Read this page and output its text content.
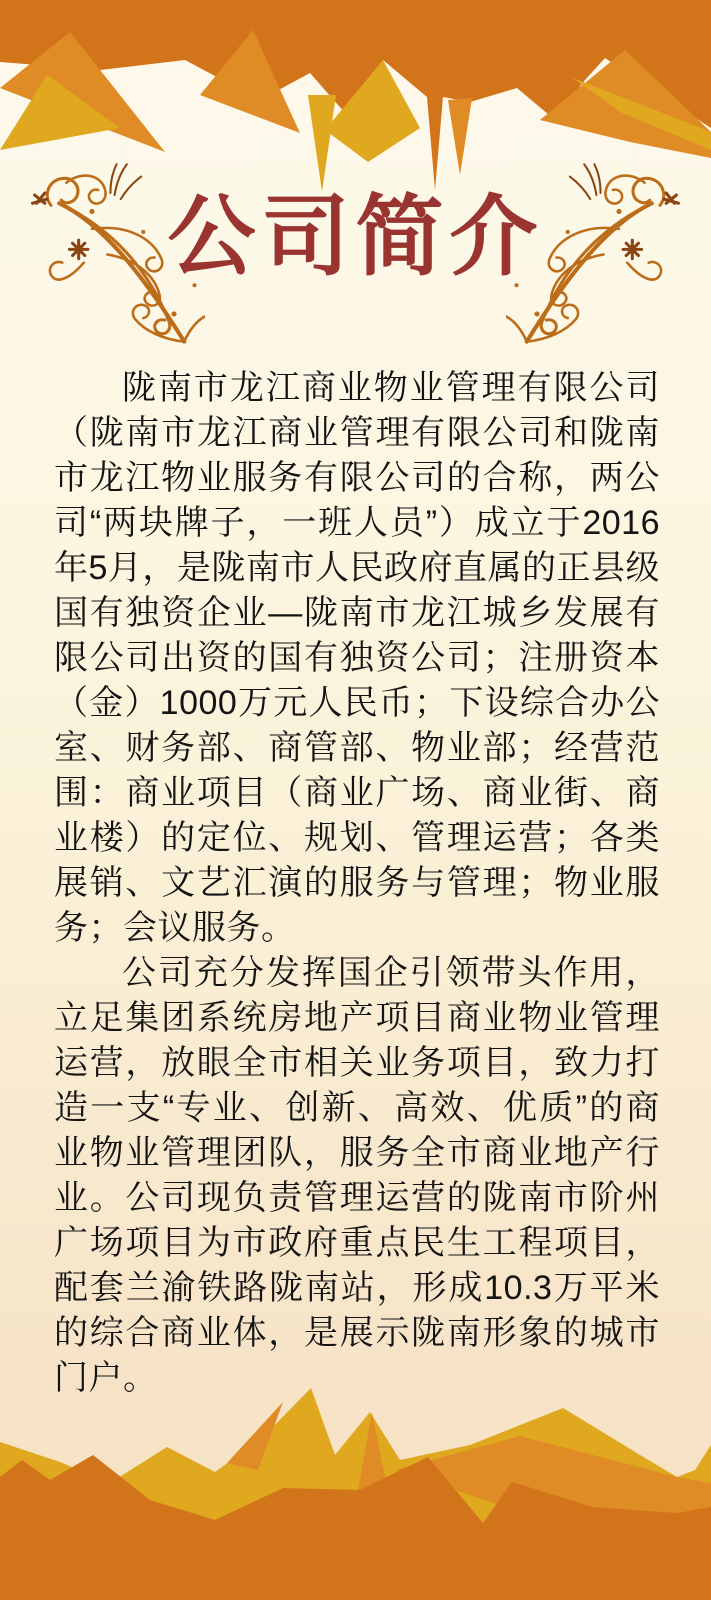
公司简介

陇南市龙江商业物业管理有限公司（陇南市龙江商业管理有限公司和陇南市龙江物业服务有限公司的合称，两公司“两块牌子，一班人员”）成立于2016年5月，是陇南市人民政府直属的正县级国有独资企业—陇南市龙江城乡发展有限公司出资的国有独资公司；注册资本（金）1000万元人民币；下设综合办公室、财务部、商管部、物业部；经营范围：商业项目（商业广场、商业街、商业楼）的定位、规划、管理运营；各类展销、文艺汇演的服务与管理；物业服务；会议服务。

公司充分发挥国企引领带头作用，立足集团系统房地产项目商业物业管理运营，放眼全市相关业务项目，致力打造一支“专业、创新、高效、优质”的商业物业管理团队，服务全市商业地产行业。公司现负责管理运营的陇南市阶州广场项目为市政府重点民生工程项目，配套兰渝铁路陇南站，形成10.3万平米的综合商业体，是展示陇南形象的城市门户。
